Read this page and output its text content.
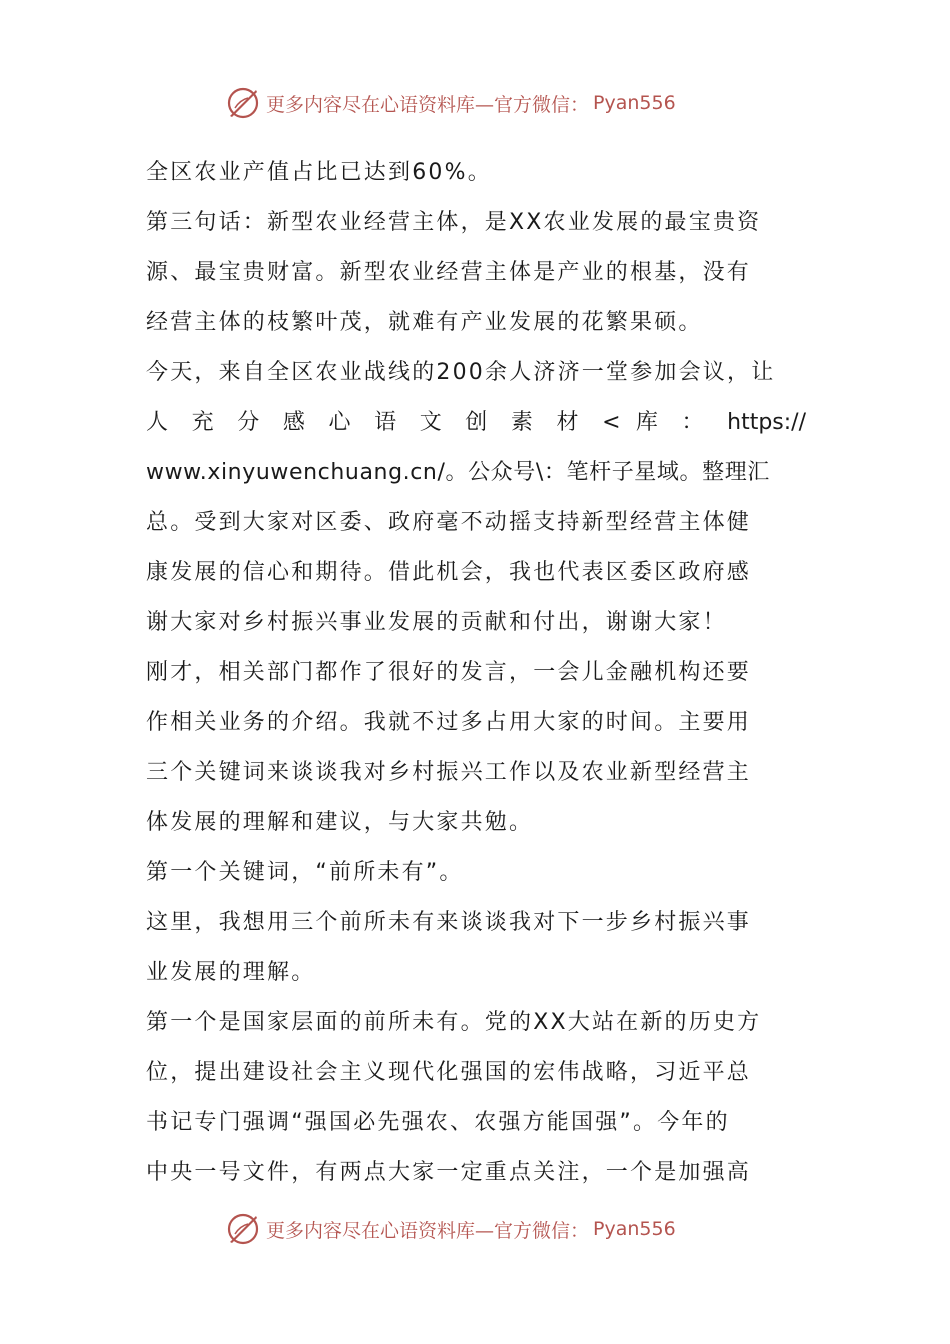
更多内容尽在心语资料库—官方微信： Pyan556
全区农业产值占比已达到60%。
第三句话：新型农业经营主体，是XX农业发展的最宝贵资
源、最宝贵财富。新型农业经营主体是产业的根基，没有
经营主体的枝繁叶茂，就难有产业发展的花繁果硕。
今天，来自全区农业战线的200余人济济一堂参加会议，让
人 充 分 感 心 语 文 创 素 材 < 库 ： https://
www.xinyuwenchuang.cn/。公众号\：笔杆子星域。整理汇
总。受到大家对区委、政府毫不动摇支持新型经营主体健
康发展的信心和期待。借此机会，我也代表区委区政府感
谢大家对乡村振兴事业发展的贡献和付出，谢谢大家！
刚才，相关部门都作了很好的发言，一会儿金融机构还要
作相关业务的介绍。我就不过多占用大家的时间。主要用
三个关键词来谈谈我对乡村振兴工作以及农业新型经营主
体发展的理解和建议，与大家共勉。
第一个关键词，“前所未有”。
这里，我想用三个前所未有来谈谈我对下一步乡村振兴事
业发展的理解。
第一个是国家层面的前所未有。党的XX大站在新的历史方
位，提出建设社会主义现代化强国的宏伟战略，习近平总
书记专门强调“强国必先强农、农强方能国强”。今年的
中央一号文件，有两点大家一定重点关注，一个是加强高
更多内容尽在心语资料库—官方微信： Pyan556
